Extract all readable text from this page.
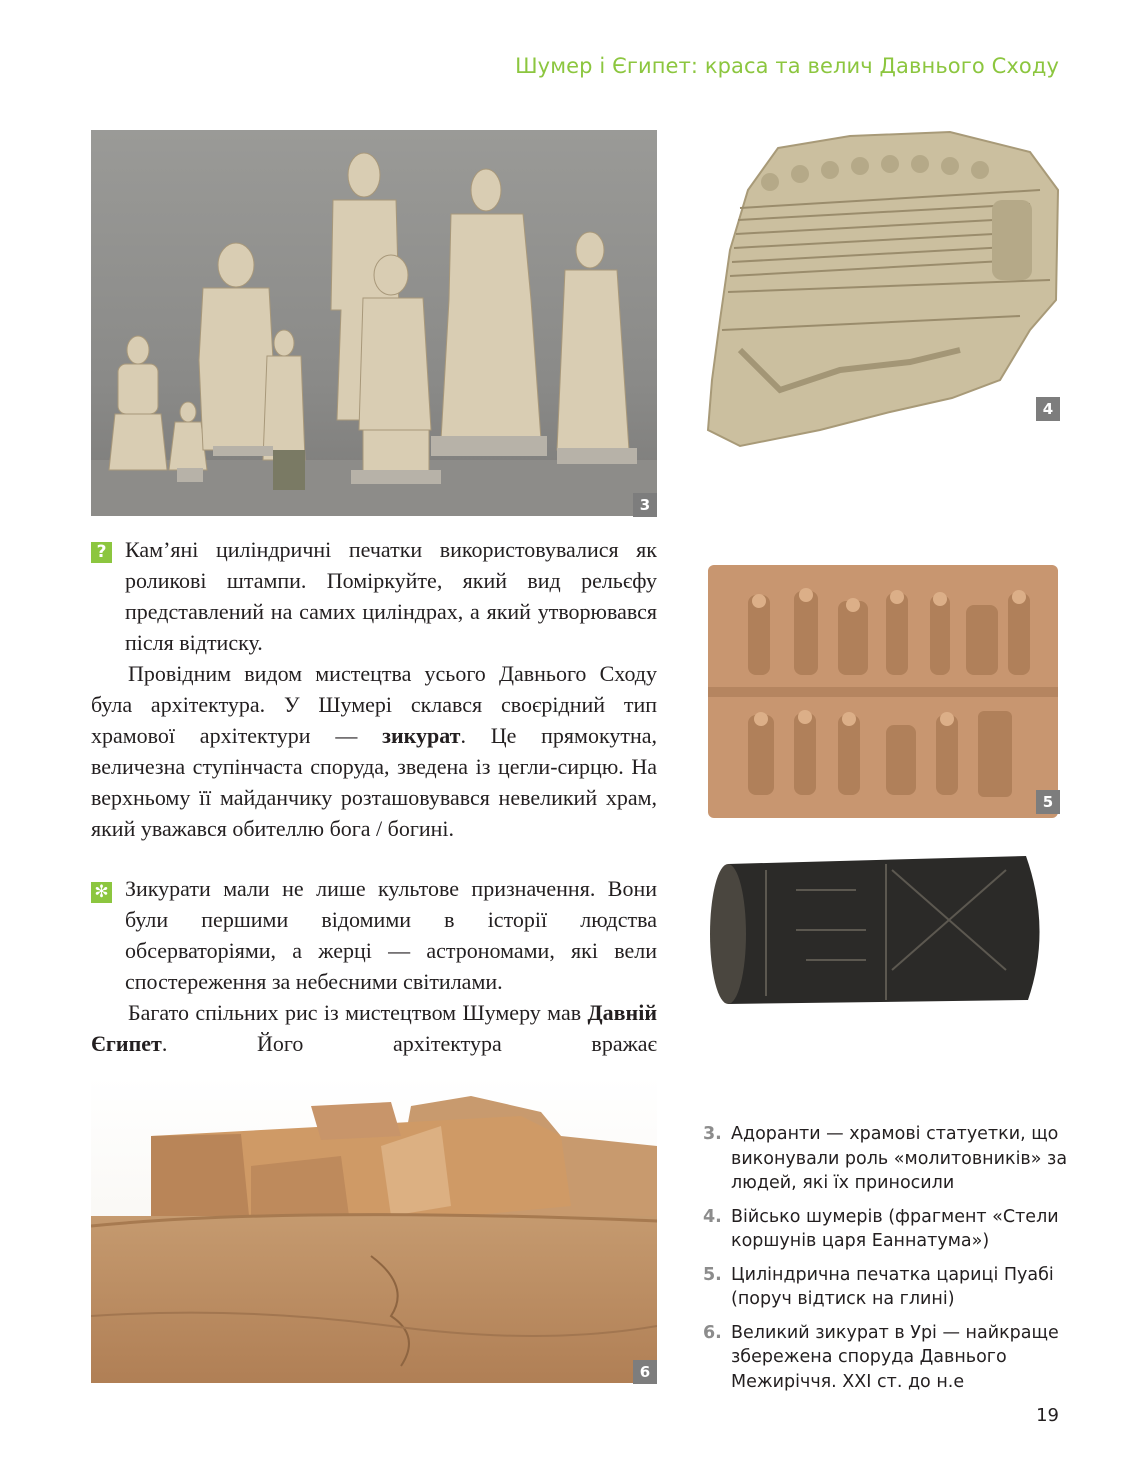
Шумер і Єгипет: краса та велич Давнього Сходу
3
4
? Кам’яні циліндричні печатки використовувалися як роликові штампи. Поміркуйте, який вид рельєфу представлений на самих циліндрах, а який утворювався після відтиску.

Провідним видом мистецтва усього Давнього Сходу була архітектура. У Шумері склався своєрідний тип храмової архітектури — зикурат. Це прямокутна, величезна ступінчаста споруда, зведена із цегли-сирцю. На верхньому її майданчику розташовувався невеликий храм, який уважався обителлю бога / богині.

✻ Зикурати мали не лише культове призначення. Вони були першими відомими в історії людства обсерваторіями, а жерці — астрономами, які вели спостереження за небесними світилами.

Багато спільних рис із мистецтвом Шумеру мав Давній Єгипет. Його архітектура вражає

5
6
3. Адоранти — храмові статуетки, що виконували роль «молитовників» за людей, які їх приносили
4. Військо шумерів (фрагмент «Стели коршунів царя Еаннатума»)
5. Циліндрична печатка цариці Пуабі (поруч відтиск на глині)
6. Великий зикурат в Урі — найкраще збережена споруда Давнього Межиріччя. ХХІ ст. до н.е
19
